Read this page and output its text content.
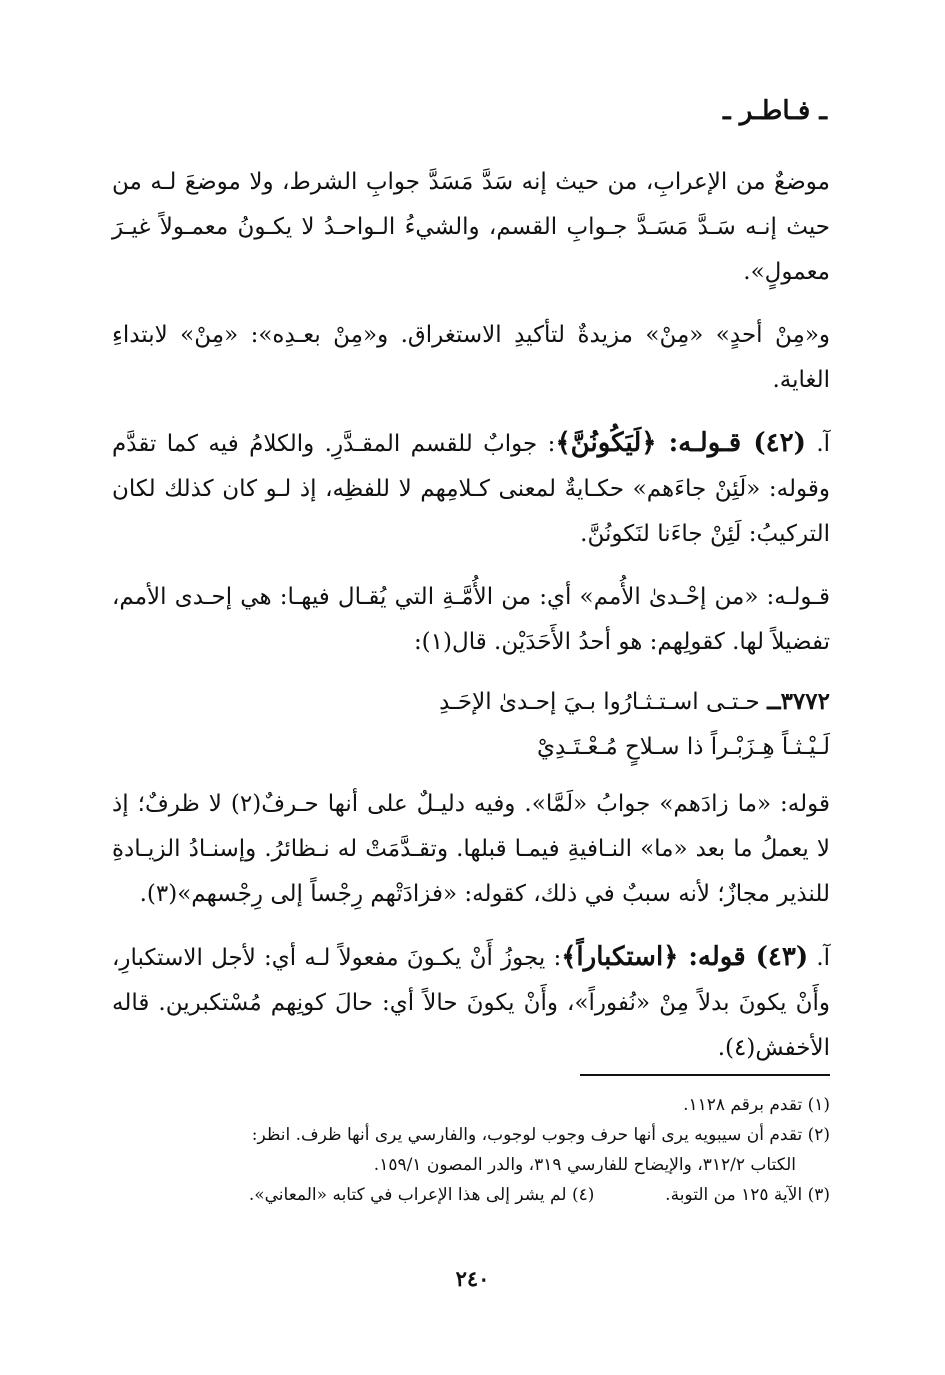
ـ فـاطـر ـ

موضعٌ من الإعرابِ، من حيث إنه سَدَّ مَسَدَّ جوابِ الشرط، ولا موضعَ لـه من حيث إنـه سَـدَّ مَسَـدَّ جـوابِ القسم، والشيءُ الـواحـدُ لا يكـونُ معمـولاً غيـرَ معمولٍ».

و«مِنْ أحدٍ» «مِنْ» مزيدةٌ لتأكيدِ الاستغراق. و«مِنْ بعـدِه»: «مِنْ» لابتداءِ الغاية.

آ. (٤٢) قـولـه: ﴿لَيَكُونُنَّ﴾: جوابٌ للقسم المقـدَّرِ. والكلامُ فيه كما تقدَّم وقوله: «لَئِنْ جاءَهم» حكـايةٌ لمعنى كـلامِهم لا للفظِه، إذ لـو كان كذلك لكان التركيبُ: لَئِنْ جاءَنا لنَكونُنَّ.

قـولـه: «من إحْـدىٰ الأُمم» أي: من الأُمَّـةِ التي يُقـال فيهـا: هي إحـدى الأمم، تفضيلاً لها. كقولِهم: هو أحدُ الأَحَدَيْن. قال(١):

٣٧٧٢ــ حـتـى اسـتـثـارُوا بـيَ إحـدىٰ الإحَـدِ
لَـيْـثـاً هِـزَبْـراً ذا سـلاحٍ مُـعْـتَـدِيْ

قوله: «ما زادَهم» جوابُ «لَمَّا». وفيه دليـلٌ على أنها حـرفٌ(٢) لا ظرفٌ؛ إذ لا يعملُ ما بعد «ما» النـافيةِ فيمـا قبلها. وتقـدَّمَتْ له نـظائرُ. وإسنـادُ الزيـادةِ للنذير مجازٌ؛ لأنه سببٌ في ذلك، كقوله: «فزادَتْهم رِجْساً إلى رِجْسهم»(٣).

آ. (٤٣) قوله: ﴿استكباراً﴾: يجوزُ أَنْ يكـونَ مفعولاً لـه أي: لأجل الاستكبارِ، وأَنْ يكونَ بدلاً مِنْ «نُفوراً»، وأَنْ يكونَ حالاً أي: حالَ كونِهم مُسْتكبرين. قاله الأخفش(٤).

(١) تقدم برقم ١١٢٨.
(٢) تقدم أن سيبويه يرى أنها حرف وجوب لوجوب، والفارسي يرى أنها ظرف. انظر:
الكتاب ٣١٢/٢، والإيضاح للفارسي ٣١٩، والدر المصون ١٥٩/١.
(٣) الآية ١٢٥ من التوبة.  (٤) لم يشر إلى هذا الإعراب في كتابه «المعاني».
٢٤٠
